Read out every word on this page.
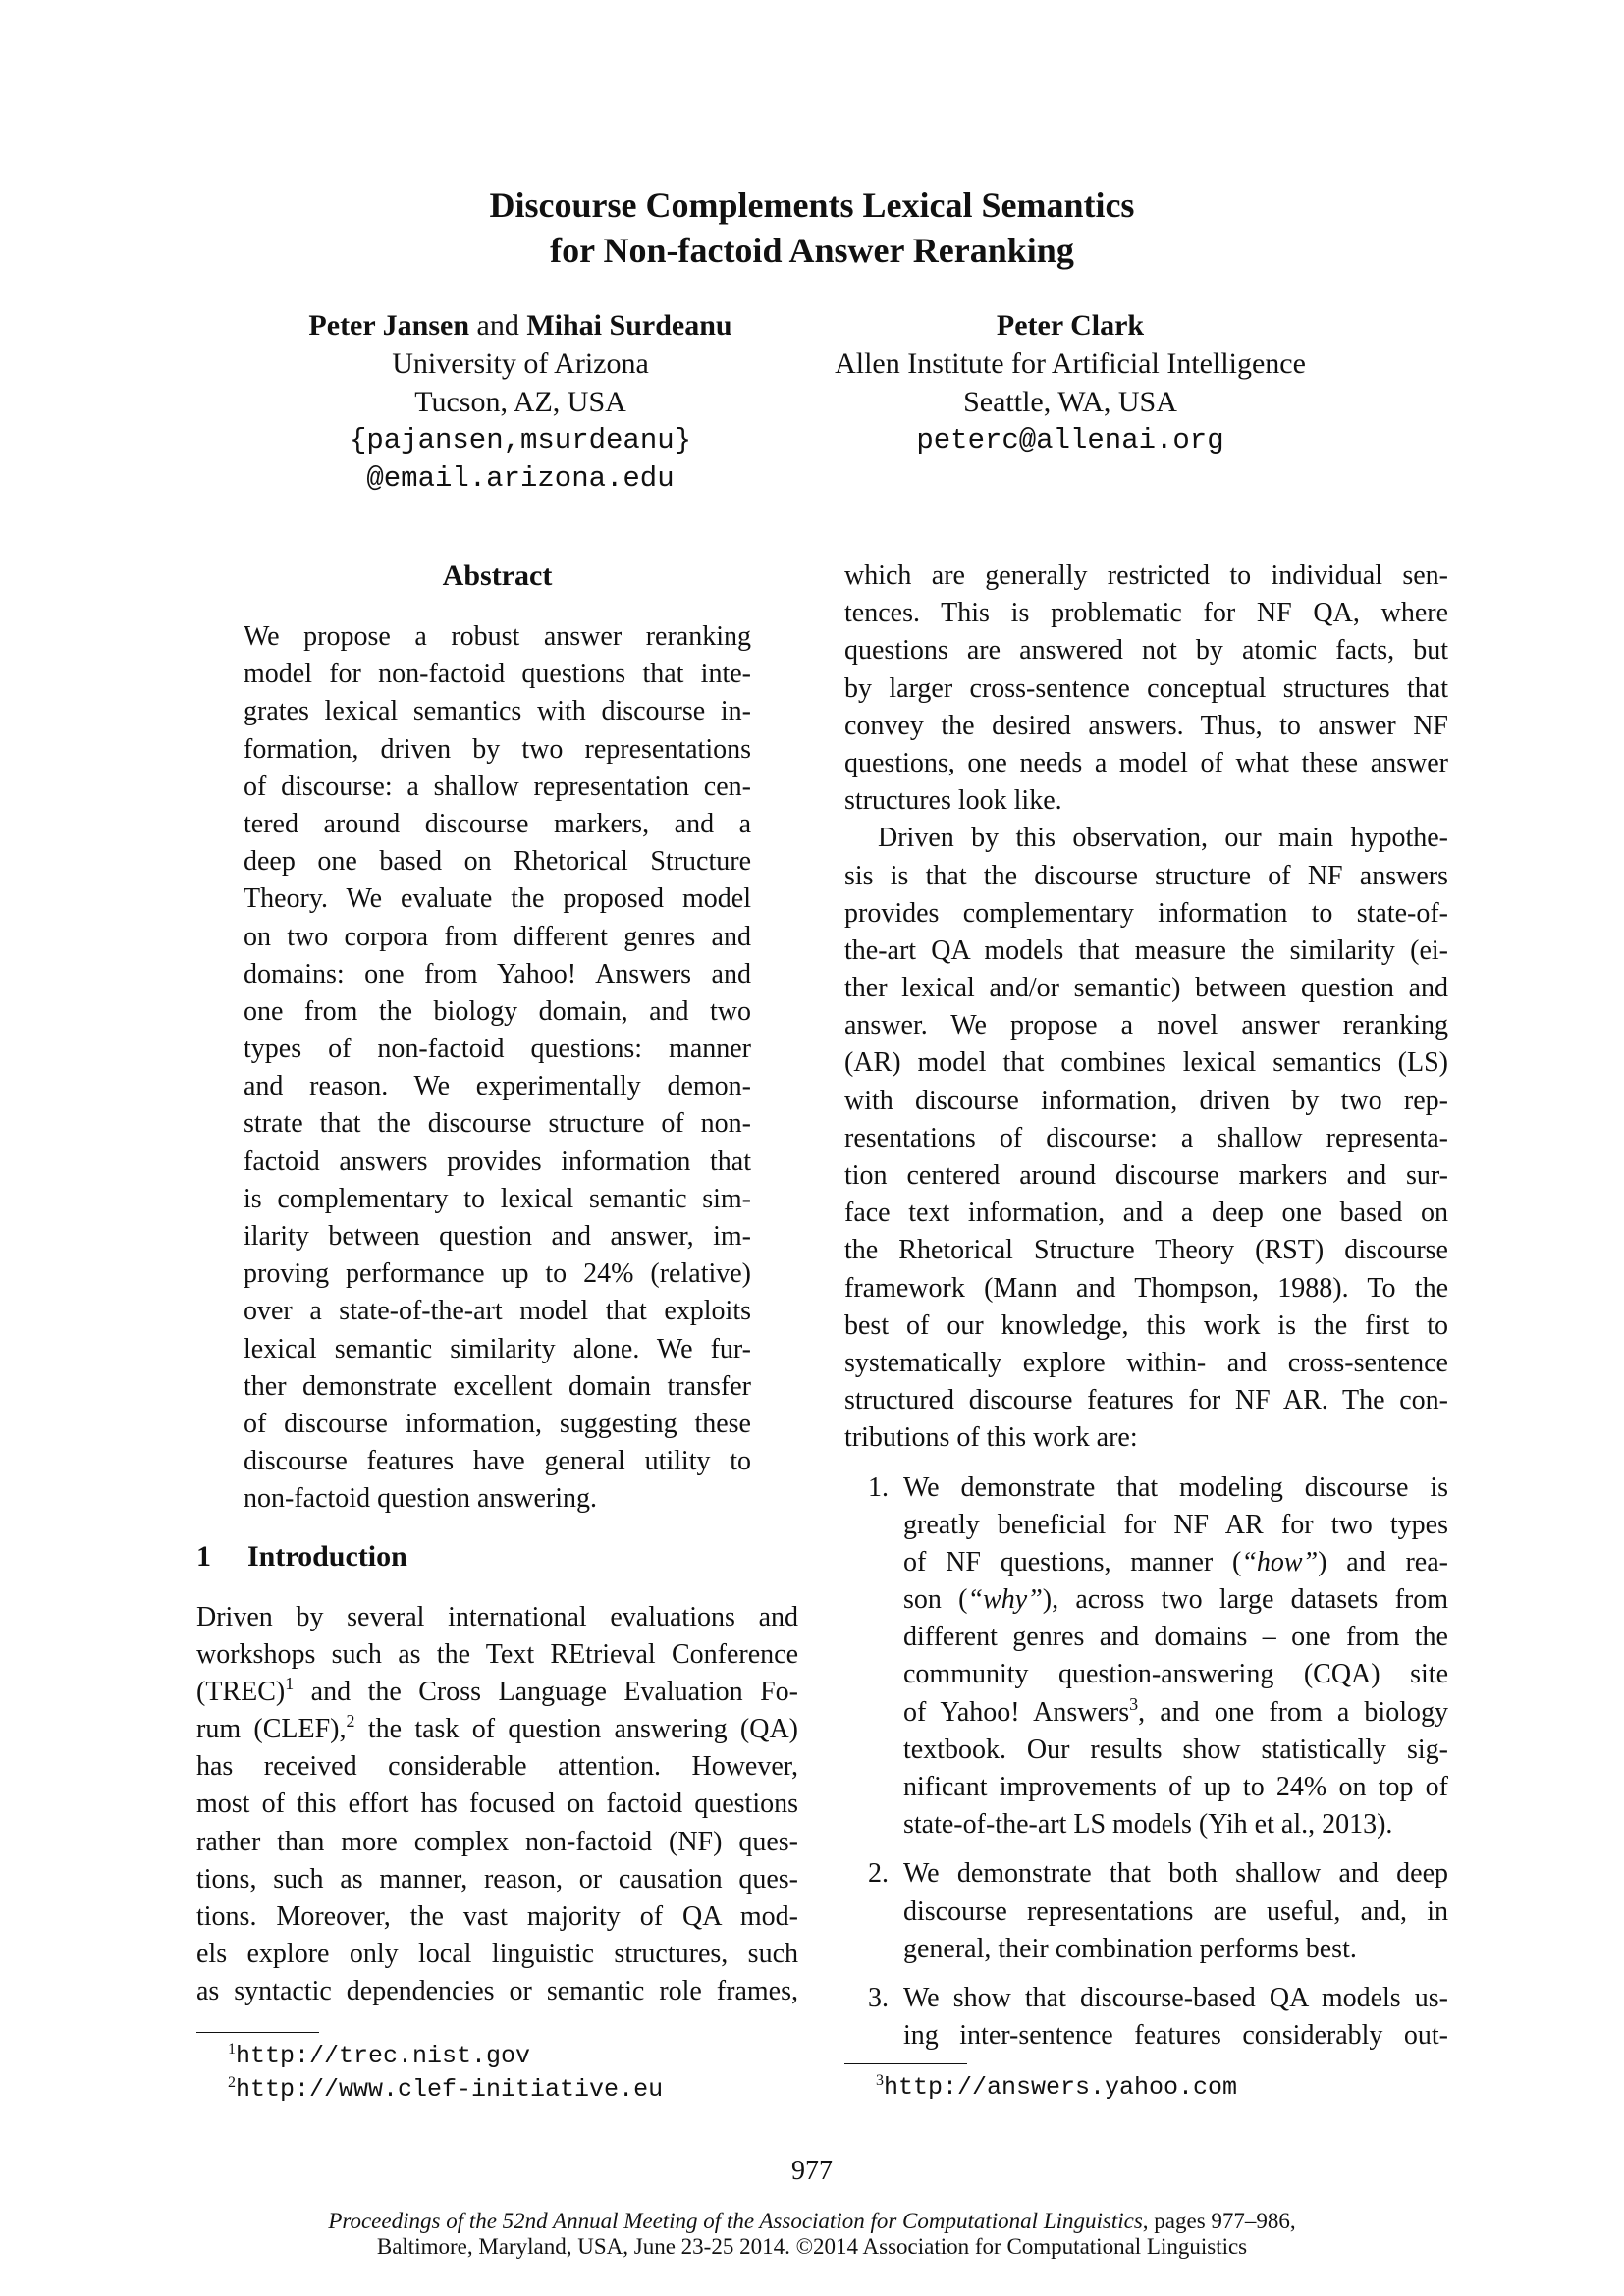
Discourse Complements Lexical Semantics
for Non-factoid Answer Reranking
Peter Jansen and Mihai Surdeanu
University of Arizona
Tucson, AZ, USA
{pajansen,msurdeanu}
@email.arizona.edu
Peter Clark
Allen Institute for Artificial Intelligence
Seattle, WA, USA
peterc@allenai.org
Abstract
We propose a robust answer reranking
model for non-factoid questions that inte-
grates lexical semantics with discourse in-
formation, driven by two representations
of discourse: a shallow representation cen-
tered around discourse markers, and a
deep one based on Rhetorical Structure
Theory. We evaluate the proposed model
on two corpora from different genres and
domains: one from Yahoo! Answers and
one from the biology domain, and two
types of non-factoid questions: manner
and reason. We experimentally demon-
strate that the discourse structure of non-
factoid answers provides information that
is complementary to lexical semantic sim-
ilarity between question and answer, im-
proving performance up to 24% (relative)
over a state-of-the-art model that exploits
lexical semantic similarity alone. We fur-
ther demonstrate excellent domain transfer
of discourse information, suggesting these
discourse features have general utility to
non-factoid question answering.
1 Introduction
Driven by several international evaluations and
workshops such as the Text REtrieval Conference
(TREC)$^1$ and the Cross Language Evaluation Fo-
rum (CLEF),$^2$ the task of question answering (QA)
has received considerable attention. However,
most of this effort has focused on factoid questions
rather than more complex non-factoid (NF) ques-
tions, such as manner, reason, or causation ques-
tions. Moreover, the vast majority of QA mod-
els explore only local linguistic structures, such
as syntactic dependencies or semantic role frames,
which are generally restricted to individual sen-
tences. This is problematic for NF QA, where
questions are answered not by atomic facts, but
by larger cross-sentence conceptual structures that
convey the desired answers. Thus, to answer NF
questions, one needs a model of what these answer
structures look like.
Driven by this observation, our main hypothe-
sis is that the discourse structure of NF answers
provides complementary information to state-of-
the-art QA models that measure the similarity (ei-
ther lexical and/or semantic) between question and
answer. We propose a novel answer reranking
(AR) model that combines lexical semantics (LS)
with discourse information, driven by two rep-
resentations of discourse: a shallow representa-
tion centered around discourse markers and sur-
face text information, and a deep one based on
the Rhetorical Structure Theory (RST) discourse
framework (Mann and Thompson, 1988). To the
best of our knowledge, this work is the first to
systematically explore within- and cross-sentence
structured discourse features for NF AR. The con-
tributions of this work are:
1. We demonstrate that modeling discourse is
greatly beneficial for NF AR for two types
of NF questions, manner (“how”) and rea-
son (“why”), across two large datasets from
different genres and domains – one from the
community question-answering (CQA) site
of Yahoo! Answers$^3$, and one from a biology
textbook. Our results show statistically sig-
nificant improvements of up to 24% on top of
state-of-the-art LS models (Yih et al., 2013).
2. We demonstrate that both shallow and deep
discourse representations are useful, and, in
general, their combination performs best.
3. We show that discourse-based QA models us-
ing inter-sentence features considerably out-
$^1$http://trec.nist.gov
$^2$http://www.clef-initiative.eu	$^3$http://answers.yahoo.com
977
Proceedings of the 52nd Annual Meeting of the Association for Computational Linguistics, pages 977–986,
Baltimore, Maryland, USA, June 23-25 2014. ©2014 Association for Computational Linguistics
